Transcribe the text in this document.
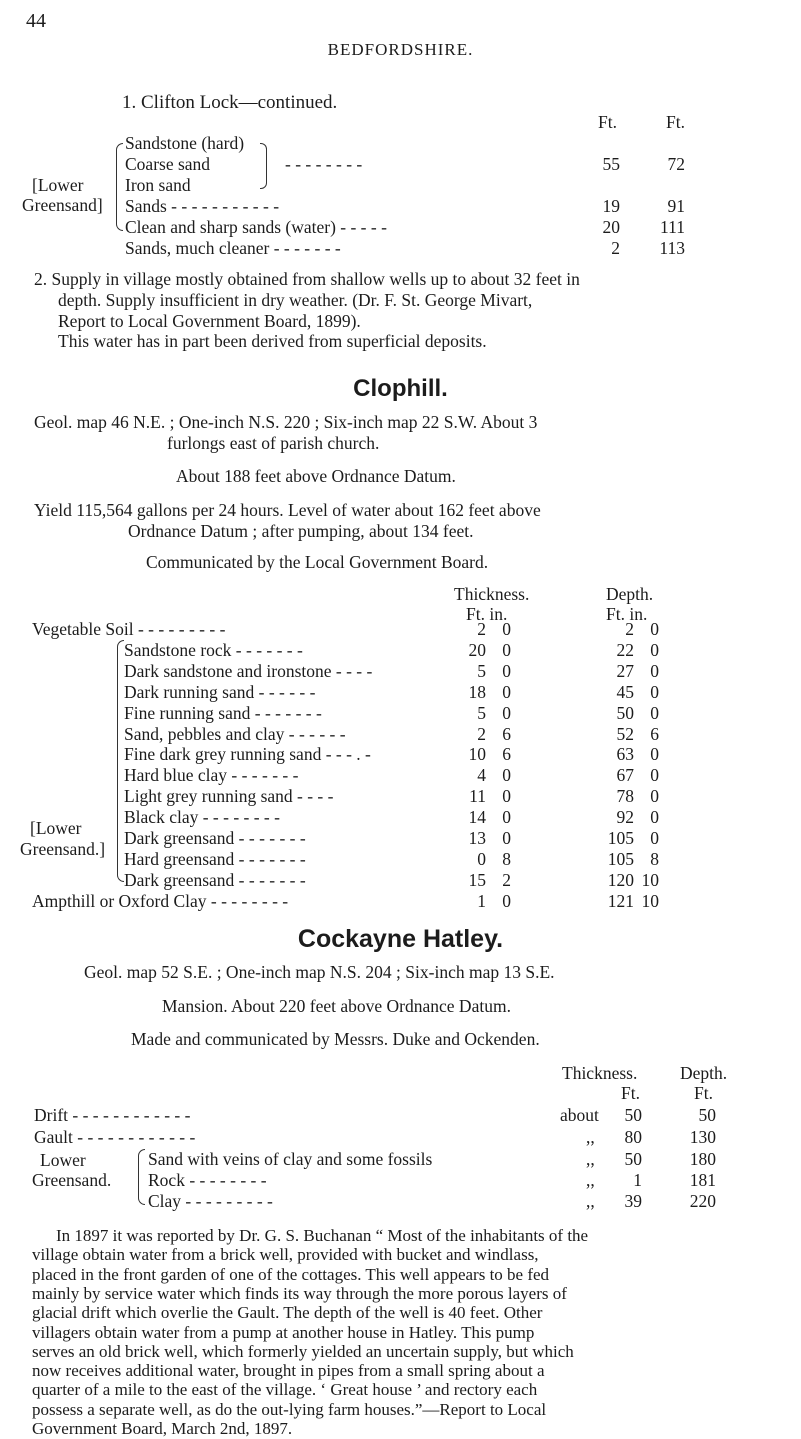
44
BEDFORDSHIRE.
1. Clifton Lock—continued.
Ft.	Ft.
[Lower
Greensand]
Sandstone (hard)
Coarse sand	- - - - - - - -	55	72
Iron sand
Sands - - - - - - - - - - -	19	91
Clean and sharp sands (water) - - - - -	20	111
Sands, much cleaner - - - - - - -	2	113
2. Supply in village mostly obtained from shallow wells up to about 32 feet in
depth. Supply insufficient in dry weather. (Dr. F. St. George Mivart,
Report to Local Government Board, 1899).
This water has in part been derived from superficial deposits.
Clophill.
Geol. map 46 N.E. ; One-inch N.S. 220 ; Six-inch map 22 S.W. About 3
furlongs east of parish church.
About 188 feet above Ordnance Datum.
Yield 115,564 gallons per 24 hours. Level of water about 162 feet above
Ordnance Datum ; after pumping, about 134 feet.
Communicated by the Local Government Board.
Thickness.	Depth.
Ft. in.	Ft. in.
[Lower
Greensand.]
Vegetable Soil - - - - - - - - -	2 0	2 0
Sandstone rock - - - - - - -	20 0	22 0
Dark sandstone and ironstone - - - -	5 0	27 0
Dark running sand - - - - - -	18 0	45 0
Fine running sand - - - - - - -	5 0	50 0
Sand, pebbles and clay - - - - - -	2 6	52 6
Fine dark grey running sand - - - . -	10 6	63 0
Hard blue clay - - - - - - -	4 0	67 0
Light grey running sand - - - -	11 0	78 0
Black clay - - - - - - - -	14 0	92 0
Dark greensand - - - - - - -	13 0	105 0
Hard greensand - - - - - - -	0 8	105 8
Dark greensand - - - - - - -	15 2	120 10
Ampthill or Oxford Clay - - - - - - - -	1 0	121 10
Cockayne Hatley.
Geol. map 52 S.E. ; One-inch map N.S. 204 ; Six-inch map 13 S.E.
Mansion. About 220 feet above Ordnance Datum.
Made and communicated by Messrs. Duke and Ockenden.
Thickness. Depth.
Ft.	Ft.
Lower
Greensand.
Drift - - - - - - - - - - - -	about	50	50
Gault - - - - - - - - - - - -	,,	80	130
Sand with veins of clay and some fossils	,,	50	180
Rock - - - - - - - -	,,	1	181
Clay - - - - - - - - -	,,	39	220
In 1897 it was reported by Dr. G. S. Buchanan “ Most of the inhabitants of the
village obtain water from a brick well, provided with bucket and windlass,
placed in the front garden of one of the cottages. This well appears to be fed
mainly by service water which finds its way through the more porous layers of
glacial drift which overlie the Gault. The depth of the well is 40 feet. Other
villagers obtain water from a pump at another house in Hatley. This pump
serves an old brick well, which formerly yielded an uncertain supply, but which
now receives additional water, brought in pipes from a small spring about a
quarter of a mile to the east of the village. ‘ Great house ’ and rectory each
possess a separate well, as do the out-lying farm houses.”—Report to Local
Government Board, March 2nd, 1897.
